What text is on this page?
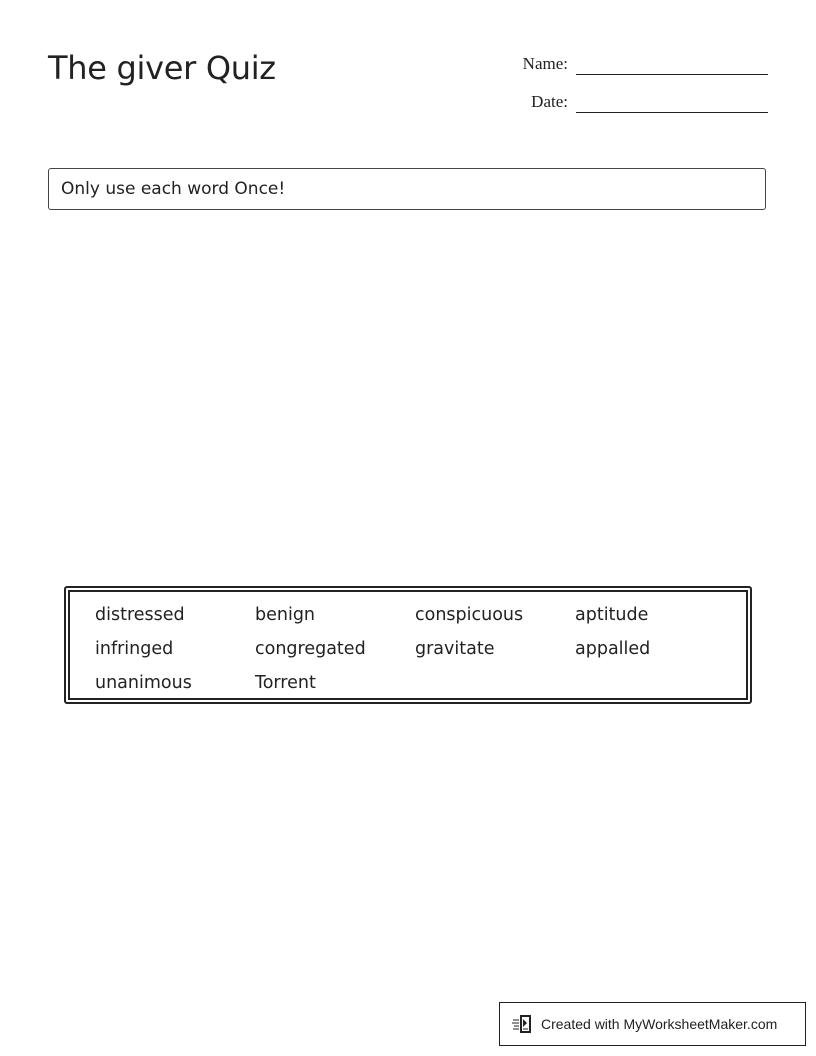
The giver Quiz	Name:
Date:
Only use each word Once!
distressed	benign	conspicuous	aptitude
infringed	congregated	gravitate	appalled
unanimous	Torrent
Created with MyWorksheetMaker.com
